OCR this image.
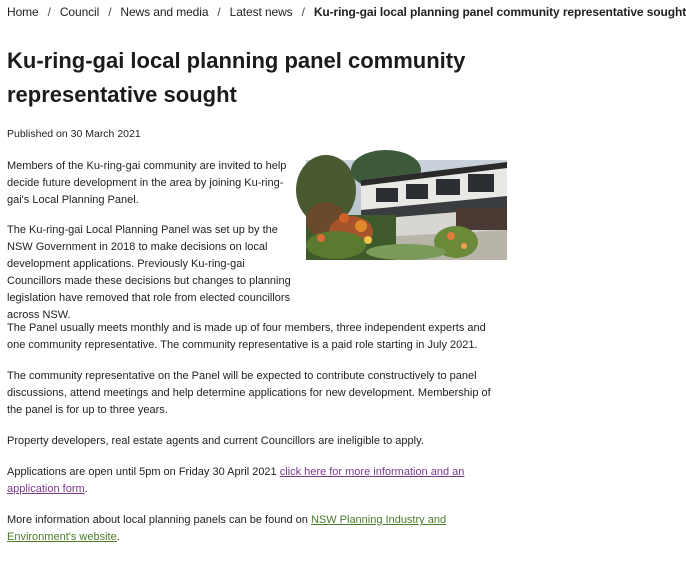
Home / Council / News and media / Latest news / Ku-ring-gai local planning panel community representative sought
Ku-ring-gai local planning panel community representative sought
Published on 30 March 2021

Members of the Ku-ring-gai community are invited to help decide future development in the area by joining Ku-ring-gai's Local Planning Panel.

The Ku-ring-gai Local Planning Panel was set up by the NSW Government in 2018 to make decisions on local development applications. Previously Ku-ring-gai Councillors made these decisions but changes to planning legislation have removed that role from elected councillors across NSW.

The Panel usually meets monthly and is made up of four members, three independent experts and one community representative. The community representative is a paid role starting in July 2021.

The community representative on the Panel will be expected to contribute constructively to panel discussions, attend meetings and help determine applications for new development. Membership of the panel is for up to three years.

Property developers, real estate agents and current Councillors are ineligible to apply.

Applications are open until 5pm on Friday 30 April 2021 click here for more information and an application form.

More information about local planning panels can be found on NSW Planning Industry and Environment's website.
